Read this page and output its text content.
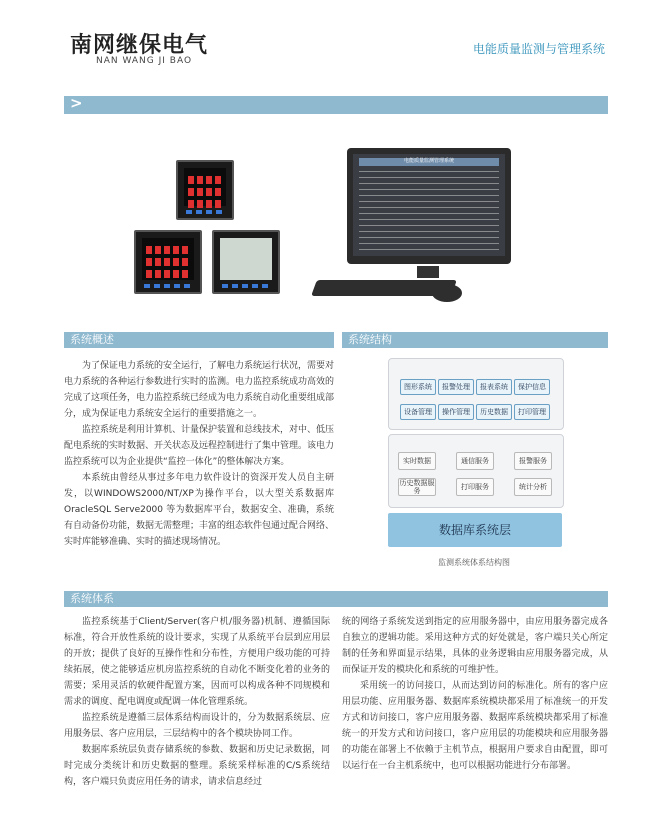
南网继保电气
NAN WANG JI BAO
电能质量监测与管理系统
>
电能质量监测管理系统
系统概述

为了保证电力系统的安全运行，了解电力系统运行状况，需要对电力系统的各种运行参数进行实时的监测。电力监控系统成功高效的完成了这项任务，电力监控系统已经成为电力系统自动化重要组成部分，成为保证电力系统安全运行的重要措施之一。

监控系统是利用计算机、计量保护装置和总线技术，对中、低压配电系统的实时数据、开关状态及远程控制进行了集中管理。该电力监控系统可以为企业提供“监控一体化”的整体解决方案。

本系统由曾经从事过多年电力软件设计的资深开发人员自主研发，以WINDOWS2000/NT/XP为操作平台，以大型关系数据库OracleSQL Serve2000 等为数据库平台，数据安全、准确，系统有自动备份功能，数据无需整理；丰富的组态软件包通过配合网络、实时库能够准确、实时的描述现场情况。

系统结构
图形系统	报警处理	报表系统	保护信息
设备管理	操作管理	历史数据	打印管理
实时数据	通信服务	报警服务
历史数据服务	打印服务	统计分析
数据库系统层
监测系统体系结构图
系统体系

监控系统基于Client/Server(客户机/服务器)机制、遵循国际标准，符合开放性系统的设计要求，实现了从系统平台层到应用层的开放；提供了良好的互操作性和分布性，方便用户级功能的可持续拓展，使之能够适应机房监控系统的自动化不断变化着的业务的需要；采用灵活的软硬件配置方案，因而可以构成各种不同规模和需求的调度、配电调度或配调一体化管理系统。

监控系统是遵循三层体系结构而设计的，分为数据系统层、应用服务层、客户应用层，三层结构中的各个模块协同工作。

数据库系统层负责存储系统的参数、数据和历史记录数据，同时完成分类统计和历史数据的整理。系统采样标准的C/S系统结构，客户端只负责应用任务的请求，请求信息经过

统的网络子系统发送到指定的应用服务器中，由应用服务器完成各自独立的逻辑功能。采用这种方式的好处就是，客户端只关心所定制的任务和界面显示结果，具体的业务逻辑由应用服务器完成，从而保证开发的模块化和系统的可维护性。

采用统一的访问接口，从而达到访问的标准化。所有的客户应用层功能、应用服务器、数据库系统模块都采用了标准统一的开发方式和访问接口，客户应用服务器、数据库系统模块都采用了标准统一的开发方式和访问接口，客户应用层的功能模块和应用服务器的功能在部署上不依赖于主机节点，根据用户要求自由配置，即可以运行在一台主机系统中，也可以根据功能进行分布部署。
